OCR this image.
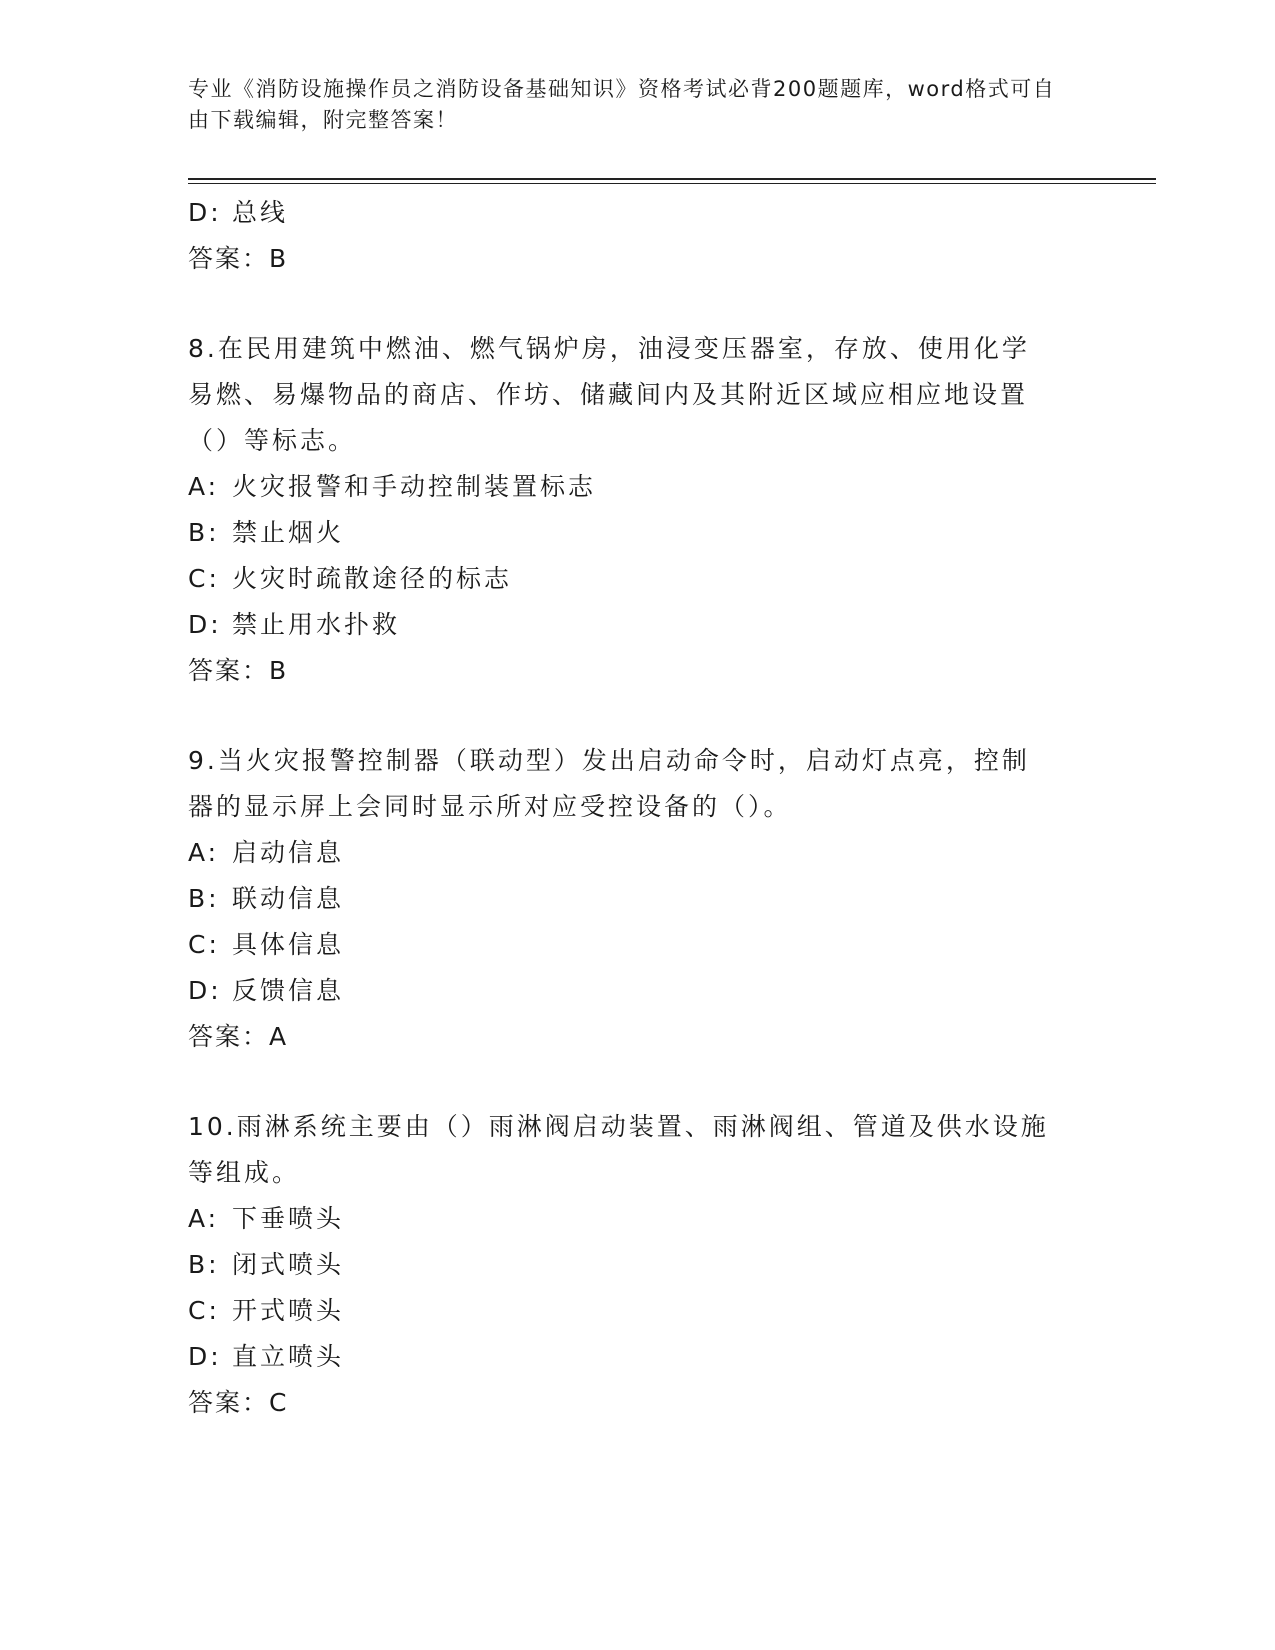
专业《消防设施操作员之消防设备基础知识》资格考试必背200题题库，word格式可自由下载编辑，附完整答案！
D: 总线
答案：B
8.在民用建筑中燃油、燃气锅炉房，油浸变压器室，存放、使用化学
易燃、易爆物品的商店、作坊、储藏间内及其附近区域应相应地设置
（）等标志。
A: 火灾报警和手动控制装置标志
B: 禁止烟火
C: 火灾时疏散途径的标志
D: 禁止用水扑救
答案：B
9.当火灾报警控制器（联动型）发出启动命令时，启动灯点亮，控制
器的显示屏上会同时显示所对应受控设备的（）。
A: 启动信息
B: 联动信息
C: 具体信息
D: 反馈信息
答案：A
10.雨淋系统主要由（）雨淋阀启动装置、雨淋阀组、管道及供水设施
等组成。
A: 下垂喷头
B: 闭式喷头
C: 开式喷头
D: 直立喷头
答案：C
